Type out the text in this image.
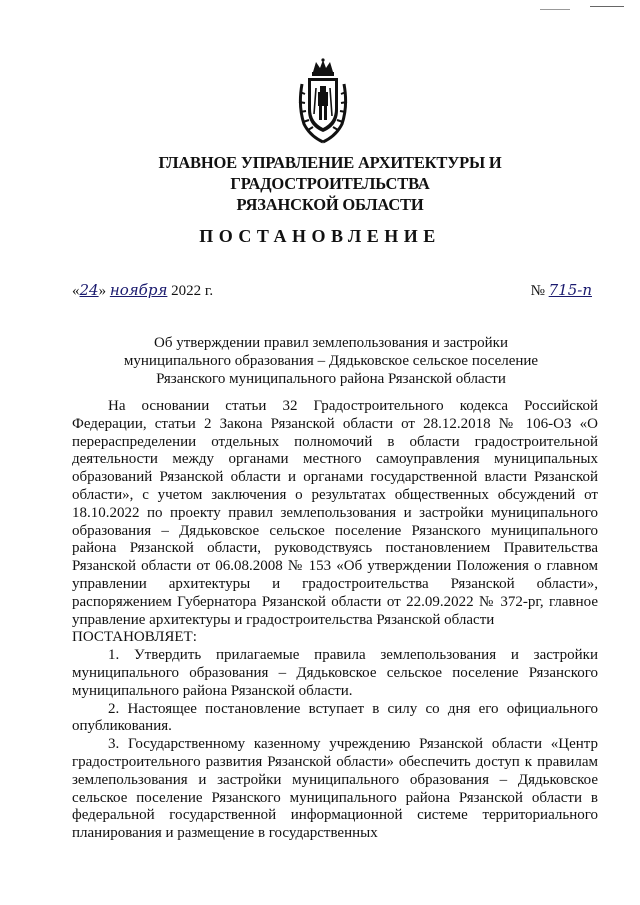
ГЛАВНОЕ УПРАВЛЕНИЕ АРХИТЕКТУРЫ И ГРАДОСТРОИТЕЛЬСТВА
РЯЗАНСКОЙ ОБЛАСТИ
ПОСТАНОВЛЕНИЕ
«24» ноября 2022 г.	№ 715-п
Об утверждении правил землепользования и застройки
муниципального образования – Дядьковское сельское поселение
Рязанского муниципального района Рязанской области

На основании статьи 32 Градостроительного кодекса Российской Федерации, статьи 2 Закона Рязанской области от 28.12.2018 № 106-ОЗ «О перераспределении отдельных полномочий в области градостроительной деятельности между органами местного самоуправления муниципальных образований Рязанской области и органами государственной власти Рязанской области», с учетом заключения о результатах общественных обсуждений от 18.10.2022 по проекту правил землепользования и застройки муниципального образования – Дядьковское сельское поселение Рязанского муниципального района Рязанской области, руководствуясь постановлением Правительства Рязанской области от 06.08.2008 № 153 «Об утверждении Положения о главном управлении архитектуры и градостроительства Рязанской области», распоряжением Губернатора Рязанской области от 22.09.2022 № 372-рг, главное управление архитектуры и градостроительства Рязанской области

ПОСТАНОВЛЯЕТ:

1. Утвердить прилагаемые правила землепользования и застройки муниципального образования – Дядьковское сельское поселение Рязанского муниципального района Рязанской области.

2. Настоящее постановление вступает в силу со дня его официального опубликования.

3. Государственному казенному учреждению Рязанской области «Центр градостроительного развития Рязанской области» обеспечить доступ к правилам землепользования и застройки муниципального образования – Дядьковское сельское поселение Рязанского муниципального района Рязанской области в федеральной государственной информационной системе территориального планирования и размещение в государственных
